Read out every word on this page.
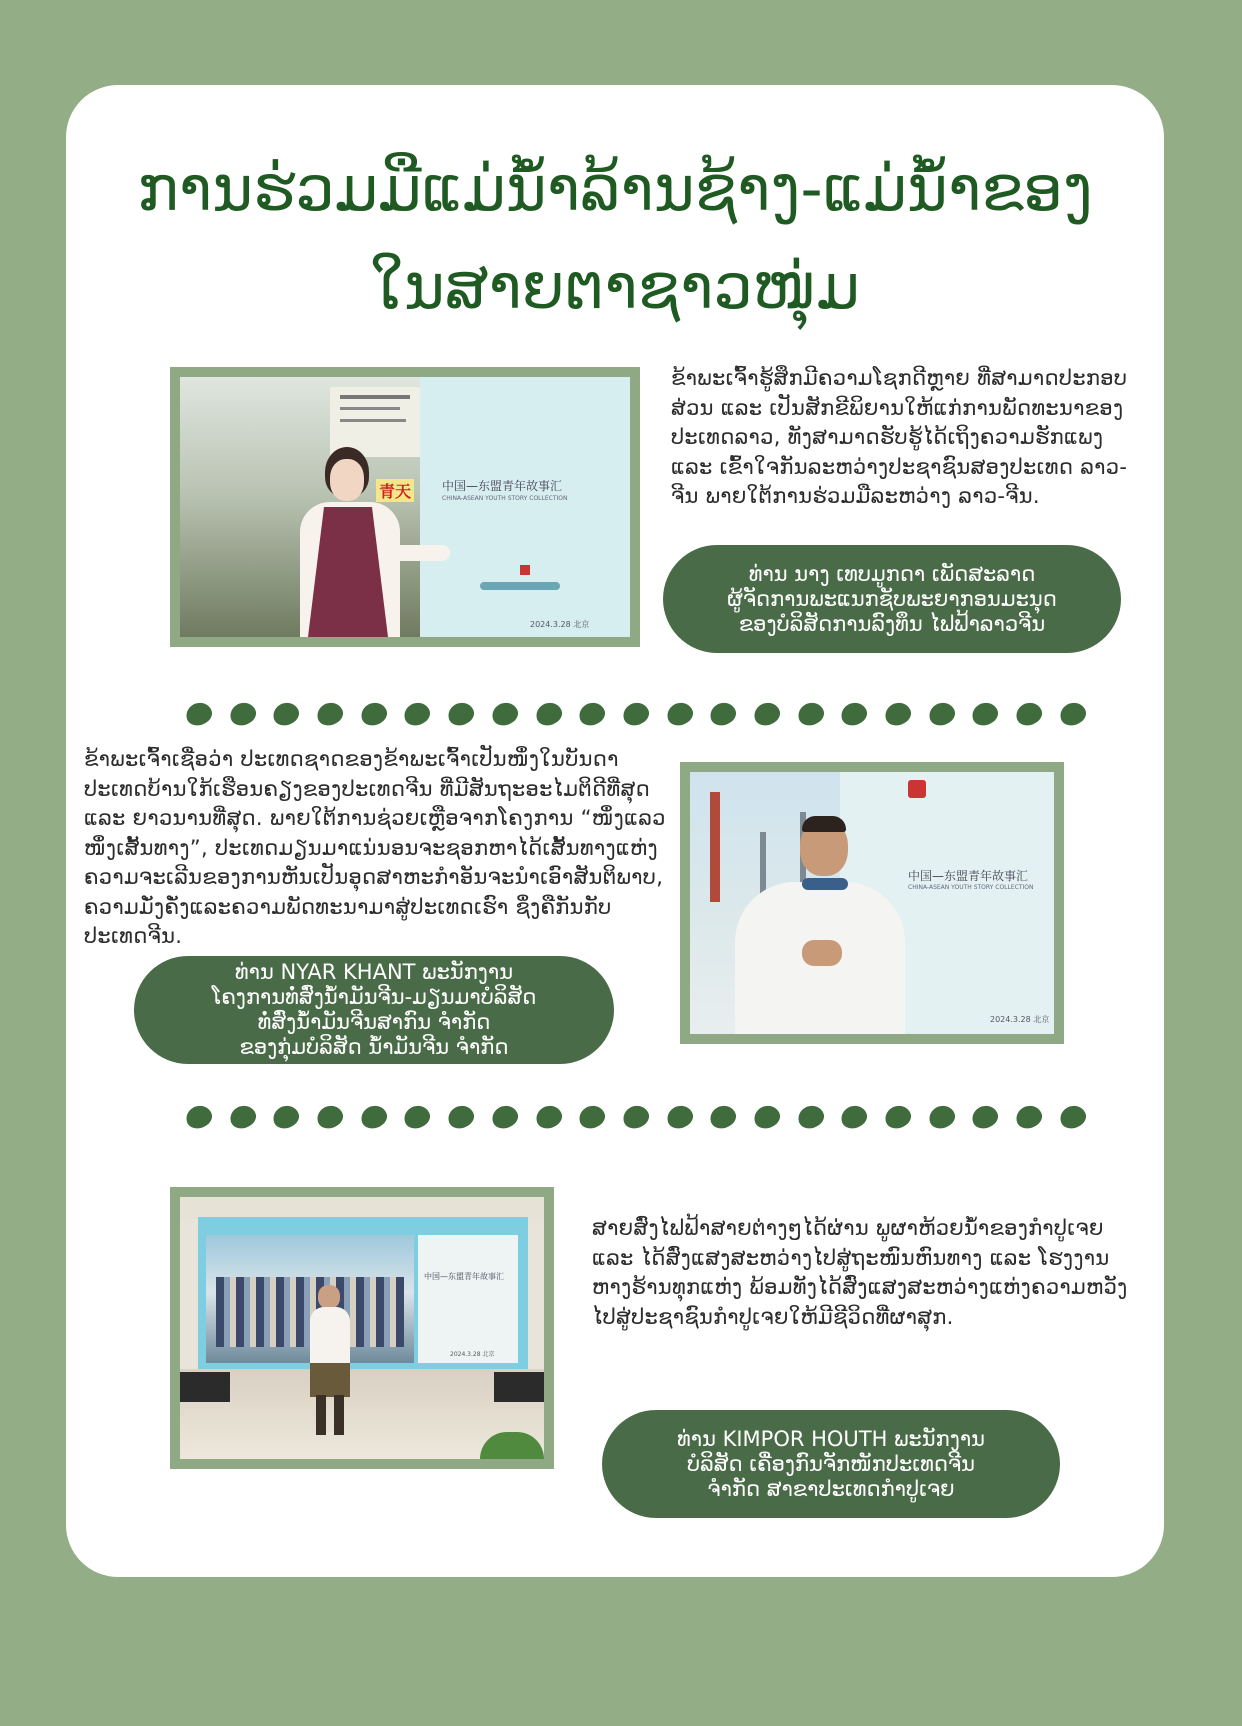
ການຮ່ວມມືແມ່ນ້ຳລ້ານຊ້າງ-ແມ່ນ້ຳຂອງ
ໃນສາຍຕາຊາວໜຸ່ມ
青天	中国—东盟青年故事汇
CHINA-ASEAN YOUTH STORY COLLECTION
2024.3.28 北京

ຂ້າພະເຈົ້າຮູ້ສຶກມີຄວາມໂຊກດີຫຼາຍ ທີ່ສາມາດປະກອບສ່ວນ ແລະ ເປັນສັກຂີພິຍານໃຫ້ແກ່ການພັດທະນາຂອງປະເທດລາວ, ທັງສາມາດຮັບຮູ້ໄດ້ເຖິງຄວາມຮັກແພງ ແລະ ເຂົ້າໃຈກັນລະຫວ່າງປະຊາຊົນສອງປະເທດ ລາວ-ຈີນ ພາຍໃຕ້ການຮ່ວມມືລະຫວ່າງ ລາວ-ຈີນ.

ທ່ານ ນາງ ເທບມູກດາ ເພັດສະລາດ
ຜູ້ຈັດການພະແນກຊັບພະຍາກອນມະນຸດ
ຂອງບໍລິສັດການລົງທຶນ ໄຟຟ້າລາວຈີນ

ຂ້າພະເຈົ້າເຊື່ອວ່າ ປະເທດຊາດຂອງຂ້າພະເຈົ້າເປັນໜຶ່ງໃນບັນດາປະເທດບ້ານໃກ້ເຮືອນຄຽງຂອງປະເທດຈີນ ທີ່ມີສັນຖະອະໄມຕິດີທີ່ສຸດ ແລະ ຍາວນານທີ່ສຸດ. ພາຍໃຕ້ການຊ່ວຍເຫຼືອຈາກໂຄງການ “ໜຶ່ງແລວໜຶ່ງເສັ້ນທາງ”, ປະເທດມຽນມາແນ່ນອນຈະຊອກຫາໄດ້ເສັ້ນທາງແຫ່ງຄວາມຈະເລີນຂອງການຫັນເປັນອຸດສາຫະກຳອັນຈະນຳເອົາສັນຕິພາບ, ຄວາມມັ່ງຄັ່ງແລະຄວາມພັດທະນາມາສູ່ປະເທດເຮົາ ຊຶ່ງຄືກັນກັບປະເທດຈີນ.

ທ່ານ NYAR KHANT ພະນັກງານ
ໂຄງການທໍ່ສົ່ງນ້ຳມັນຈີນ-ມຽນມາບໍລິສັດ
ທໍ່ສົ່ງນ້ຳມັນຈີນສາກົນ ຈຳກັດ
ຂອງກຸ່ມບໍລິສັດ ນ້ຳມັນຈີນ ຈຳກັດ
中国—东盟青年故事汇
CHINA-ASEAN YOUTH STORY COLLECTION
2024.3.28 北京
中国—东盟青年故事汇
2024.3.28 北京

ສາຍສົ່ງໄຟຟ້າສາຍຕ່າງໆໄດ້ຜ່ານ ພູຜາຫ້ວຍນ້ຳຂອງກຳປູເຈຍ ແລະ ໄດ້ສົ່ງແສງສະຫວ່າງໄປສູ່ຖະໜົນຫົນທາງ ແລະ ໂຮງງານຫາງຮ້ານທຸກແຫ່ງ ພ້ອມທັງໄດ້ສົ່ງແສງສະຫວ່າງແຫ່ງຄວາມຫວັງ ໄປສູ່ປະຊາຊົນກຳປູເຈຍໃຫ້ມີຊີວິດທີ່ຜາສຸກ.

ທ່ານ KIMPOR HOUTH ພະນັກງານ
ບໍລິສັດ ເຄື່ອງກົນຈັກໜັກປະເທດຈີນ
ຈຳກັດ ສາຂາປະເທດກຳປູເຈຍ
